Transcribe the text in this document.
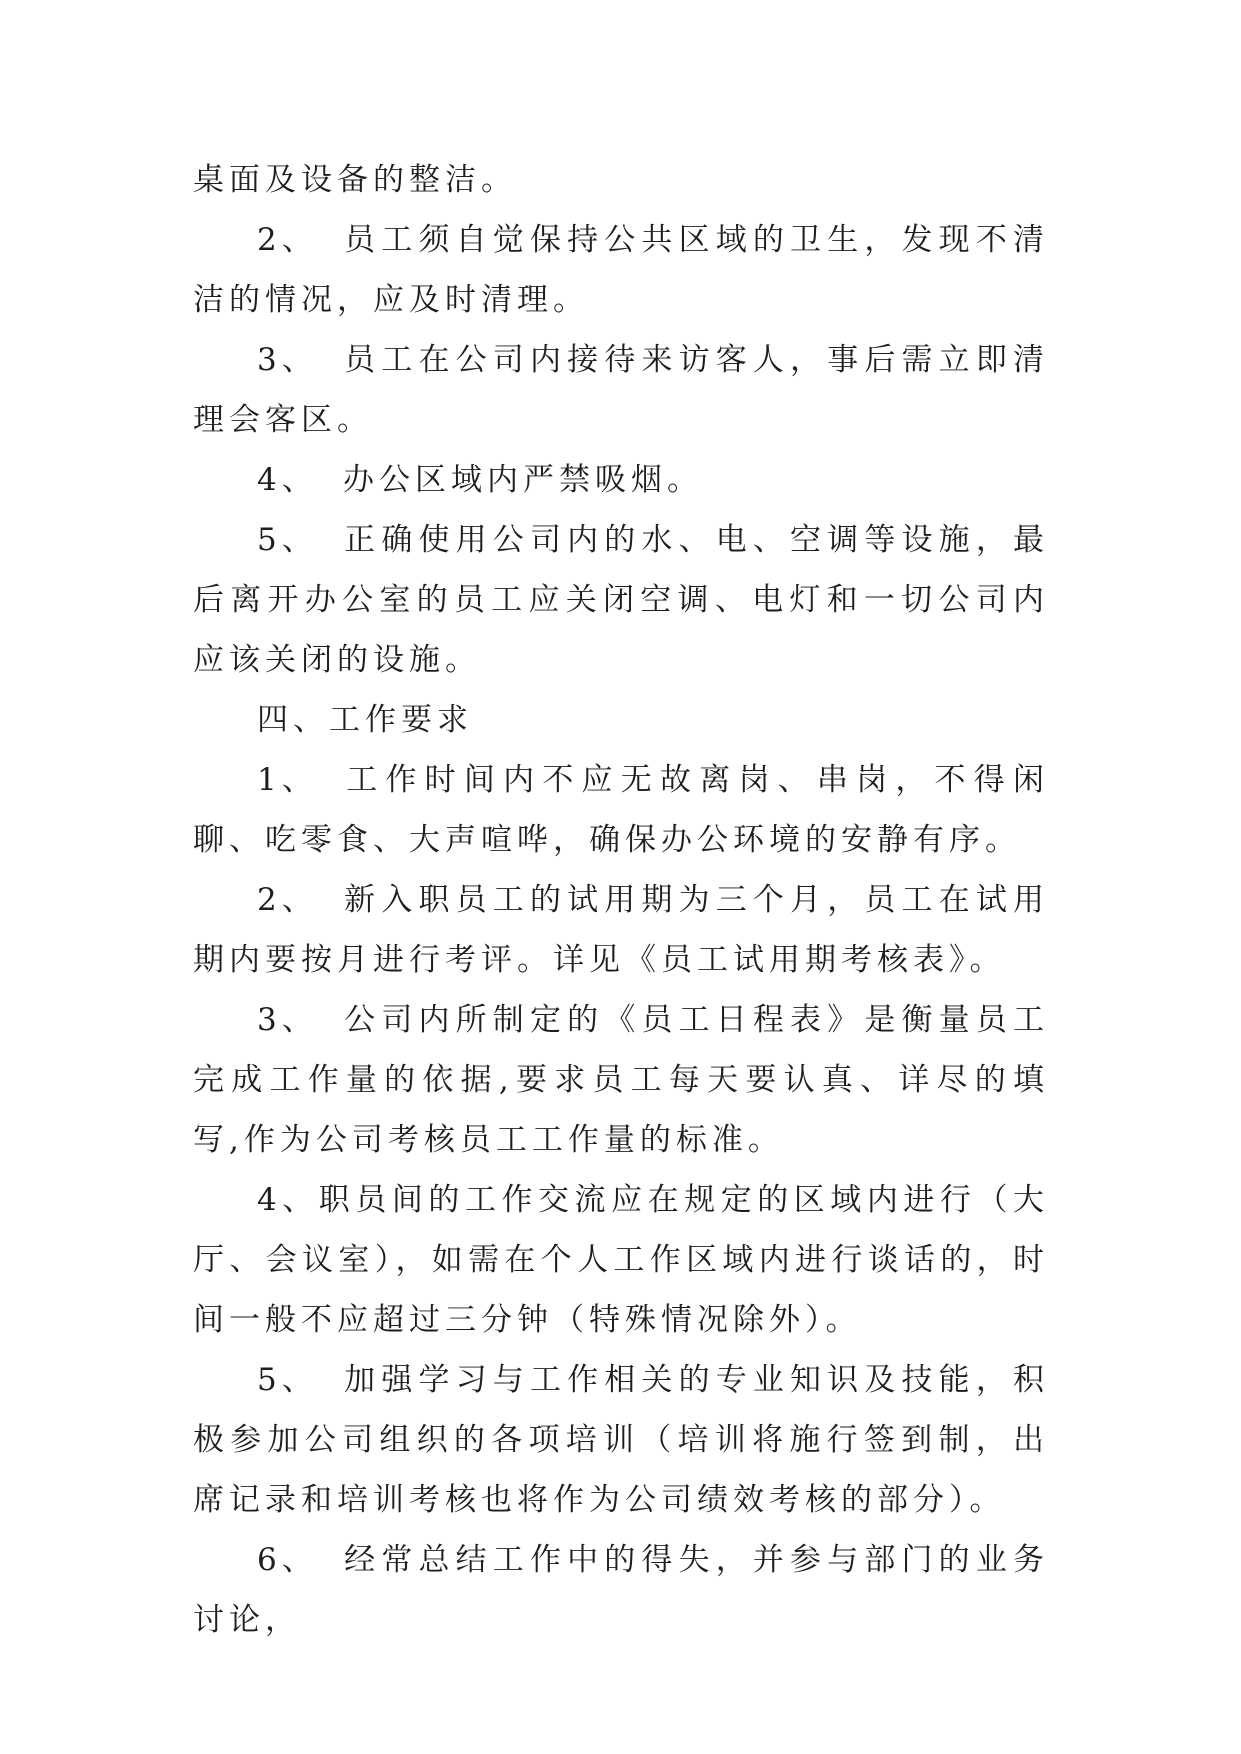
桌面及设备的整洁。

2、 员工须自觉保持公共区域的卫生，发现不清洁的情况，应及时清理。

3、 员工在公司内接待来访客人，事后需立即清理会客区。

4、 办公区域内严禁吸烟。

5、 正确使用公司内的水、电、空调等设施，最后离开办公室的员工应关闭空调、电灯和一切公司内应该关闭的设施。

四、工作要求

1、 工作时间内不应无故离岗、串岗，不得闲聊、吃零食、大声喧哗，确保办公环境的安静有序。

2、 新入职员工的试用期为三个月，员工在试用期内要按月进行考评。详见《员工试用期考核表》。

3、 公司内所制定的《员工日程表》是衡量员工完成工作量的依据,要求员工每天要认真、详尽的填写,作为公司考核员工工作量的标准。

4、职员间的工作交流应在规定的区域内进行（大厅、会议室），如需在个人工作区域内进行谈话的，时间一般不应超过三分钟（特殊情况除外）。

5、 加强学习与工作相关的专业知识及技能，积极参加公司组织的各项培训（培训将施行签到制，出席记录和培训考核也将作为公司绩效考核的部分）。

6、 经常总结工作中的得失，并参与部门的业务讨论，
